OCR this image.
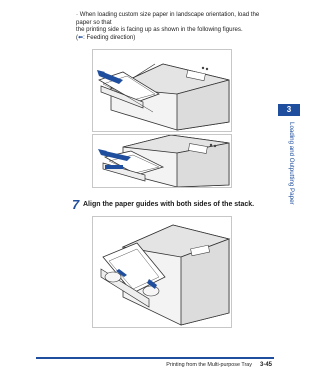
· When loading custom size paper in landscape orientation, load the paper so that

the printing side is facing up as shown in the following figures.

(⬅: Feeding direction)

7 Align the paper guides with both sides of the stack.
3
Loading and Outputting Paper
Printing from the Multi-purpose Tray 3-45
